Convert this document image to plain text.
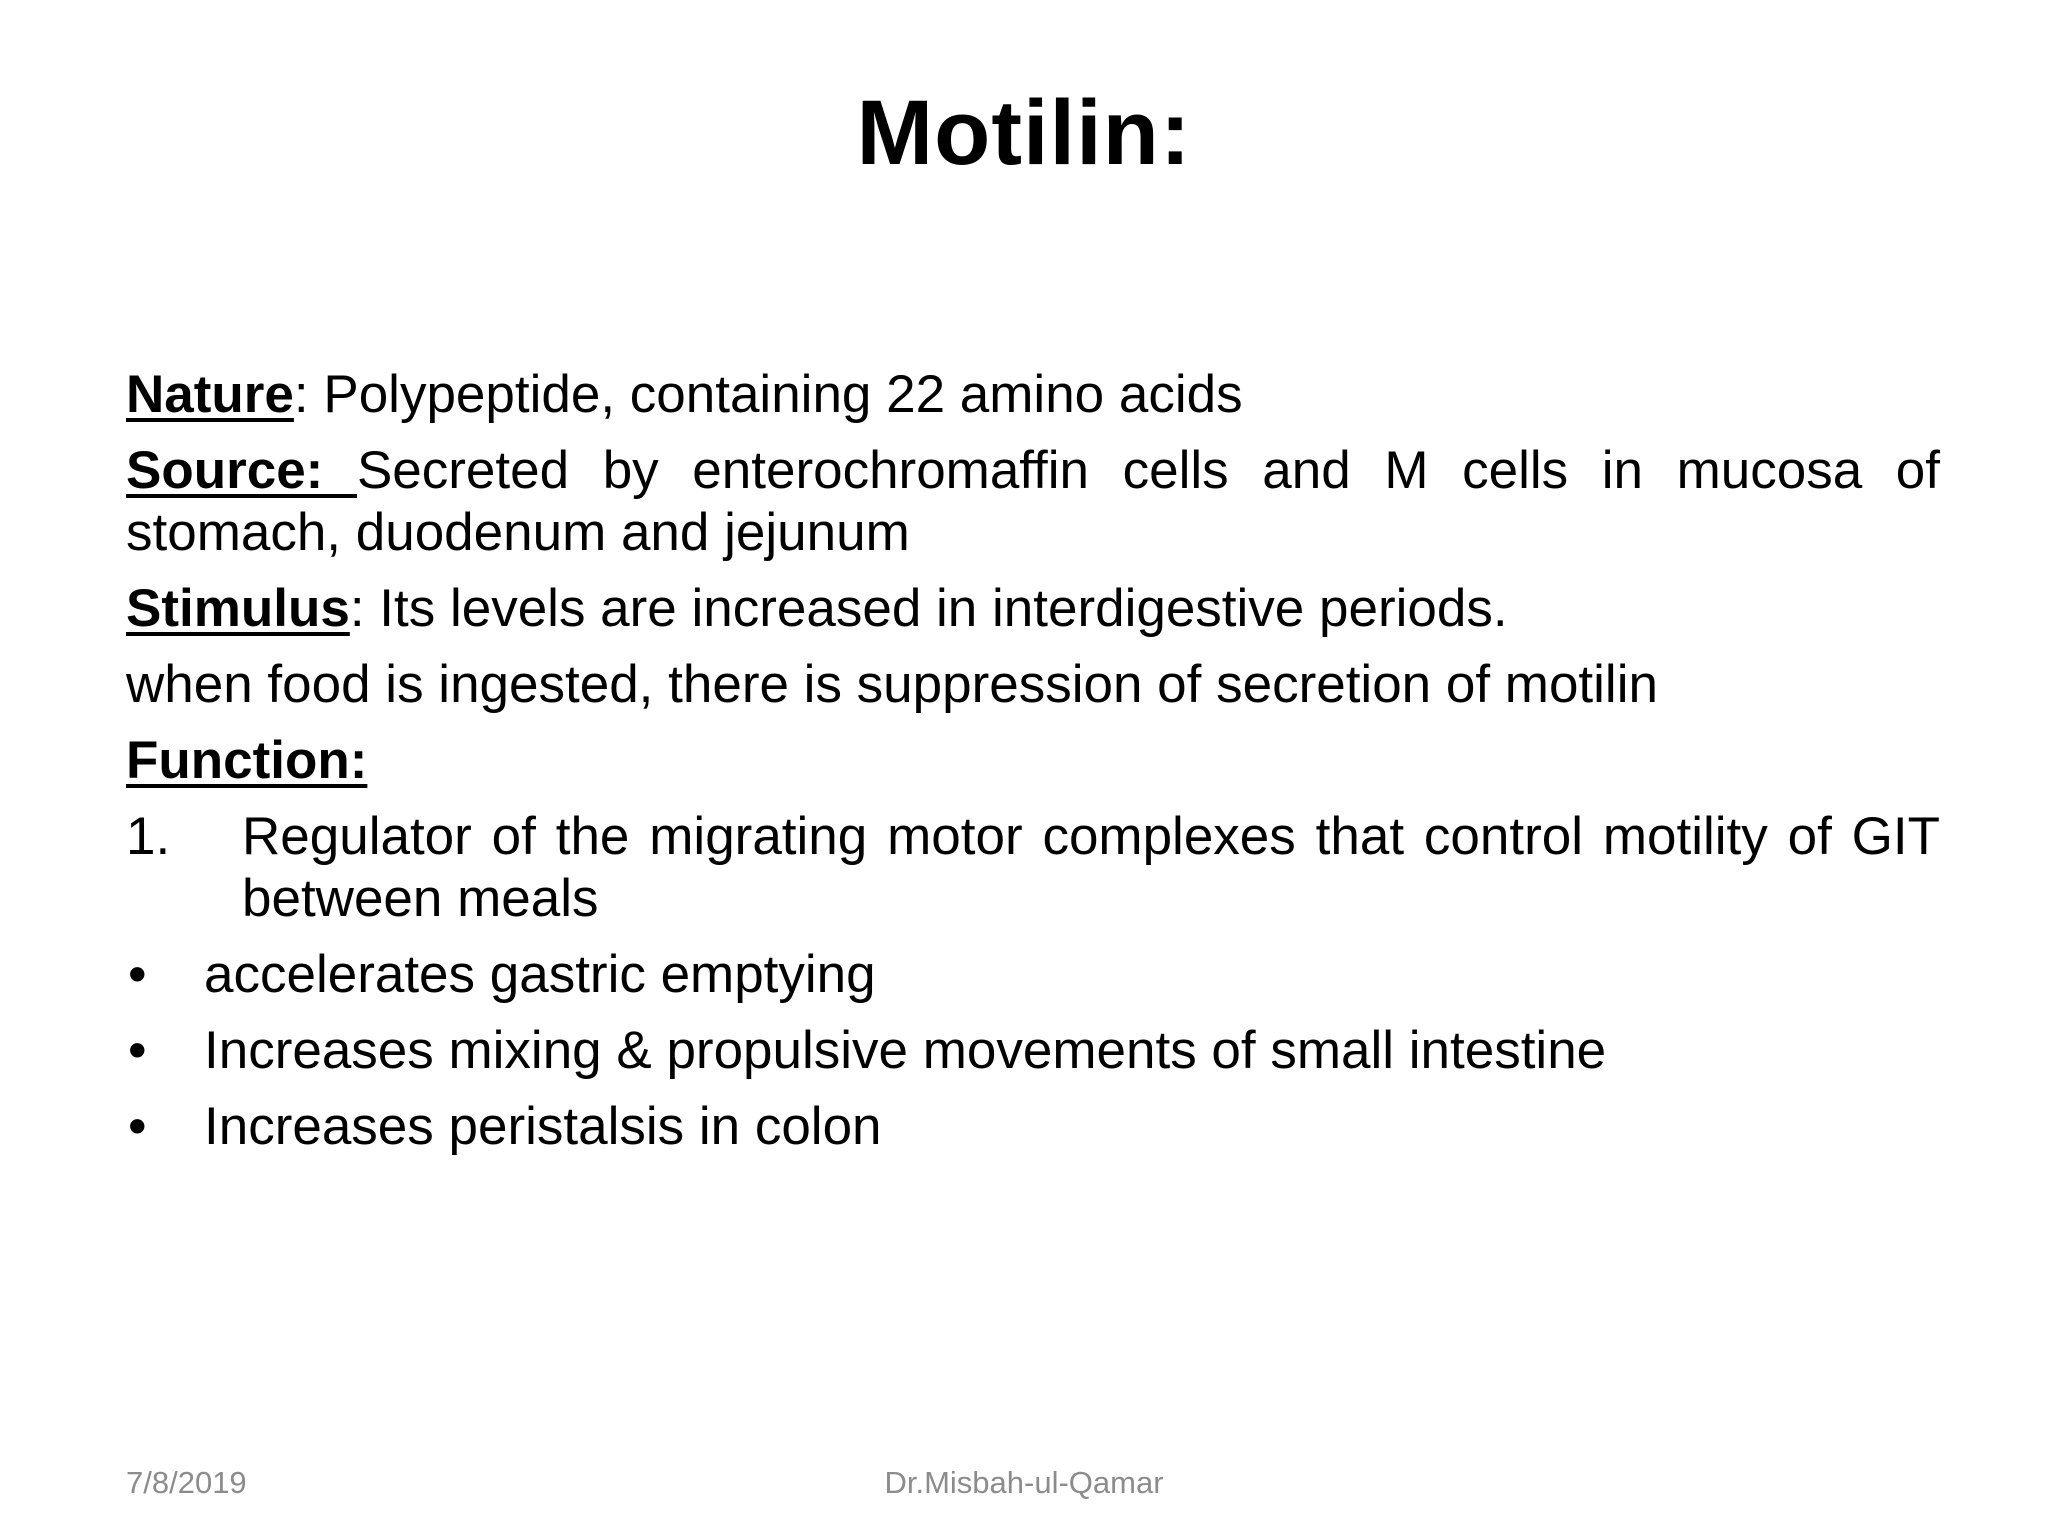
Motilin:
Nature: Polypeptide, containing 22 amino acids
Source: Secreted by enterochromaffin cells and M cells in mucosa of stomach, duodenum and jejunum
Stimulus: Its levels are increased in interdigestive periods.
when food is ingested, there is suppression of secretion of motilin
Function:
1.	Regulator of the migrating motor complexes that control motility of GIT between meals
•	accelerates gastric emptying
•	Increases mixing & propulsive movements of small intestine
•	Increases peristalsis in colon
7/8/2019	Dr.Misbah-ul-Qamar
